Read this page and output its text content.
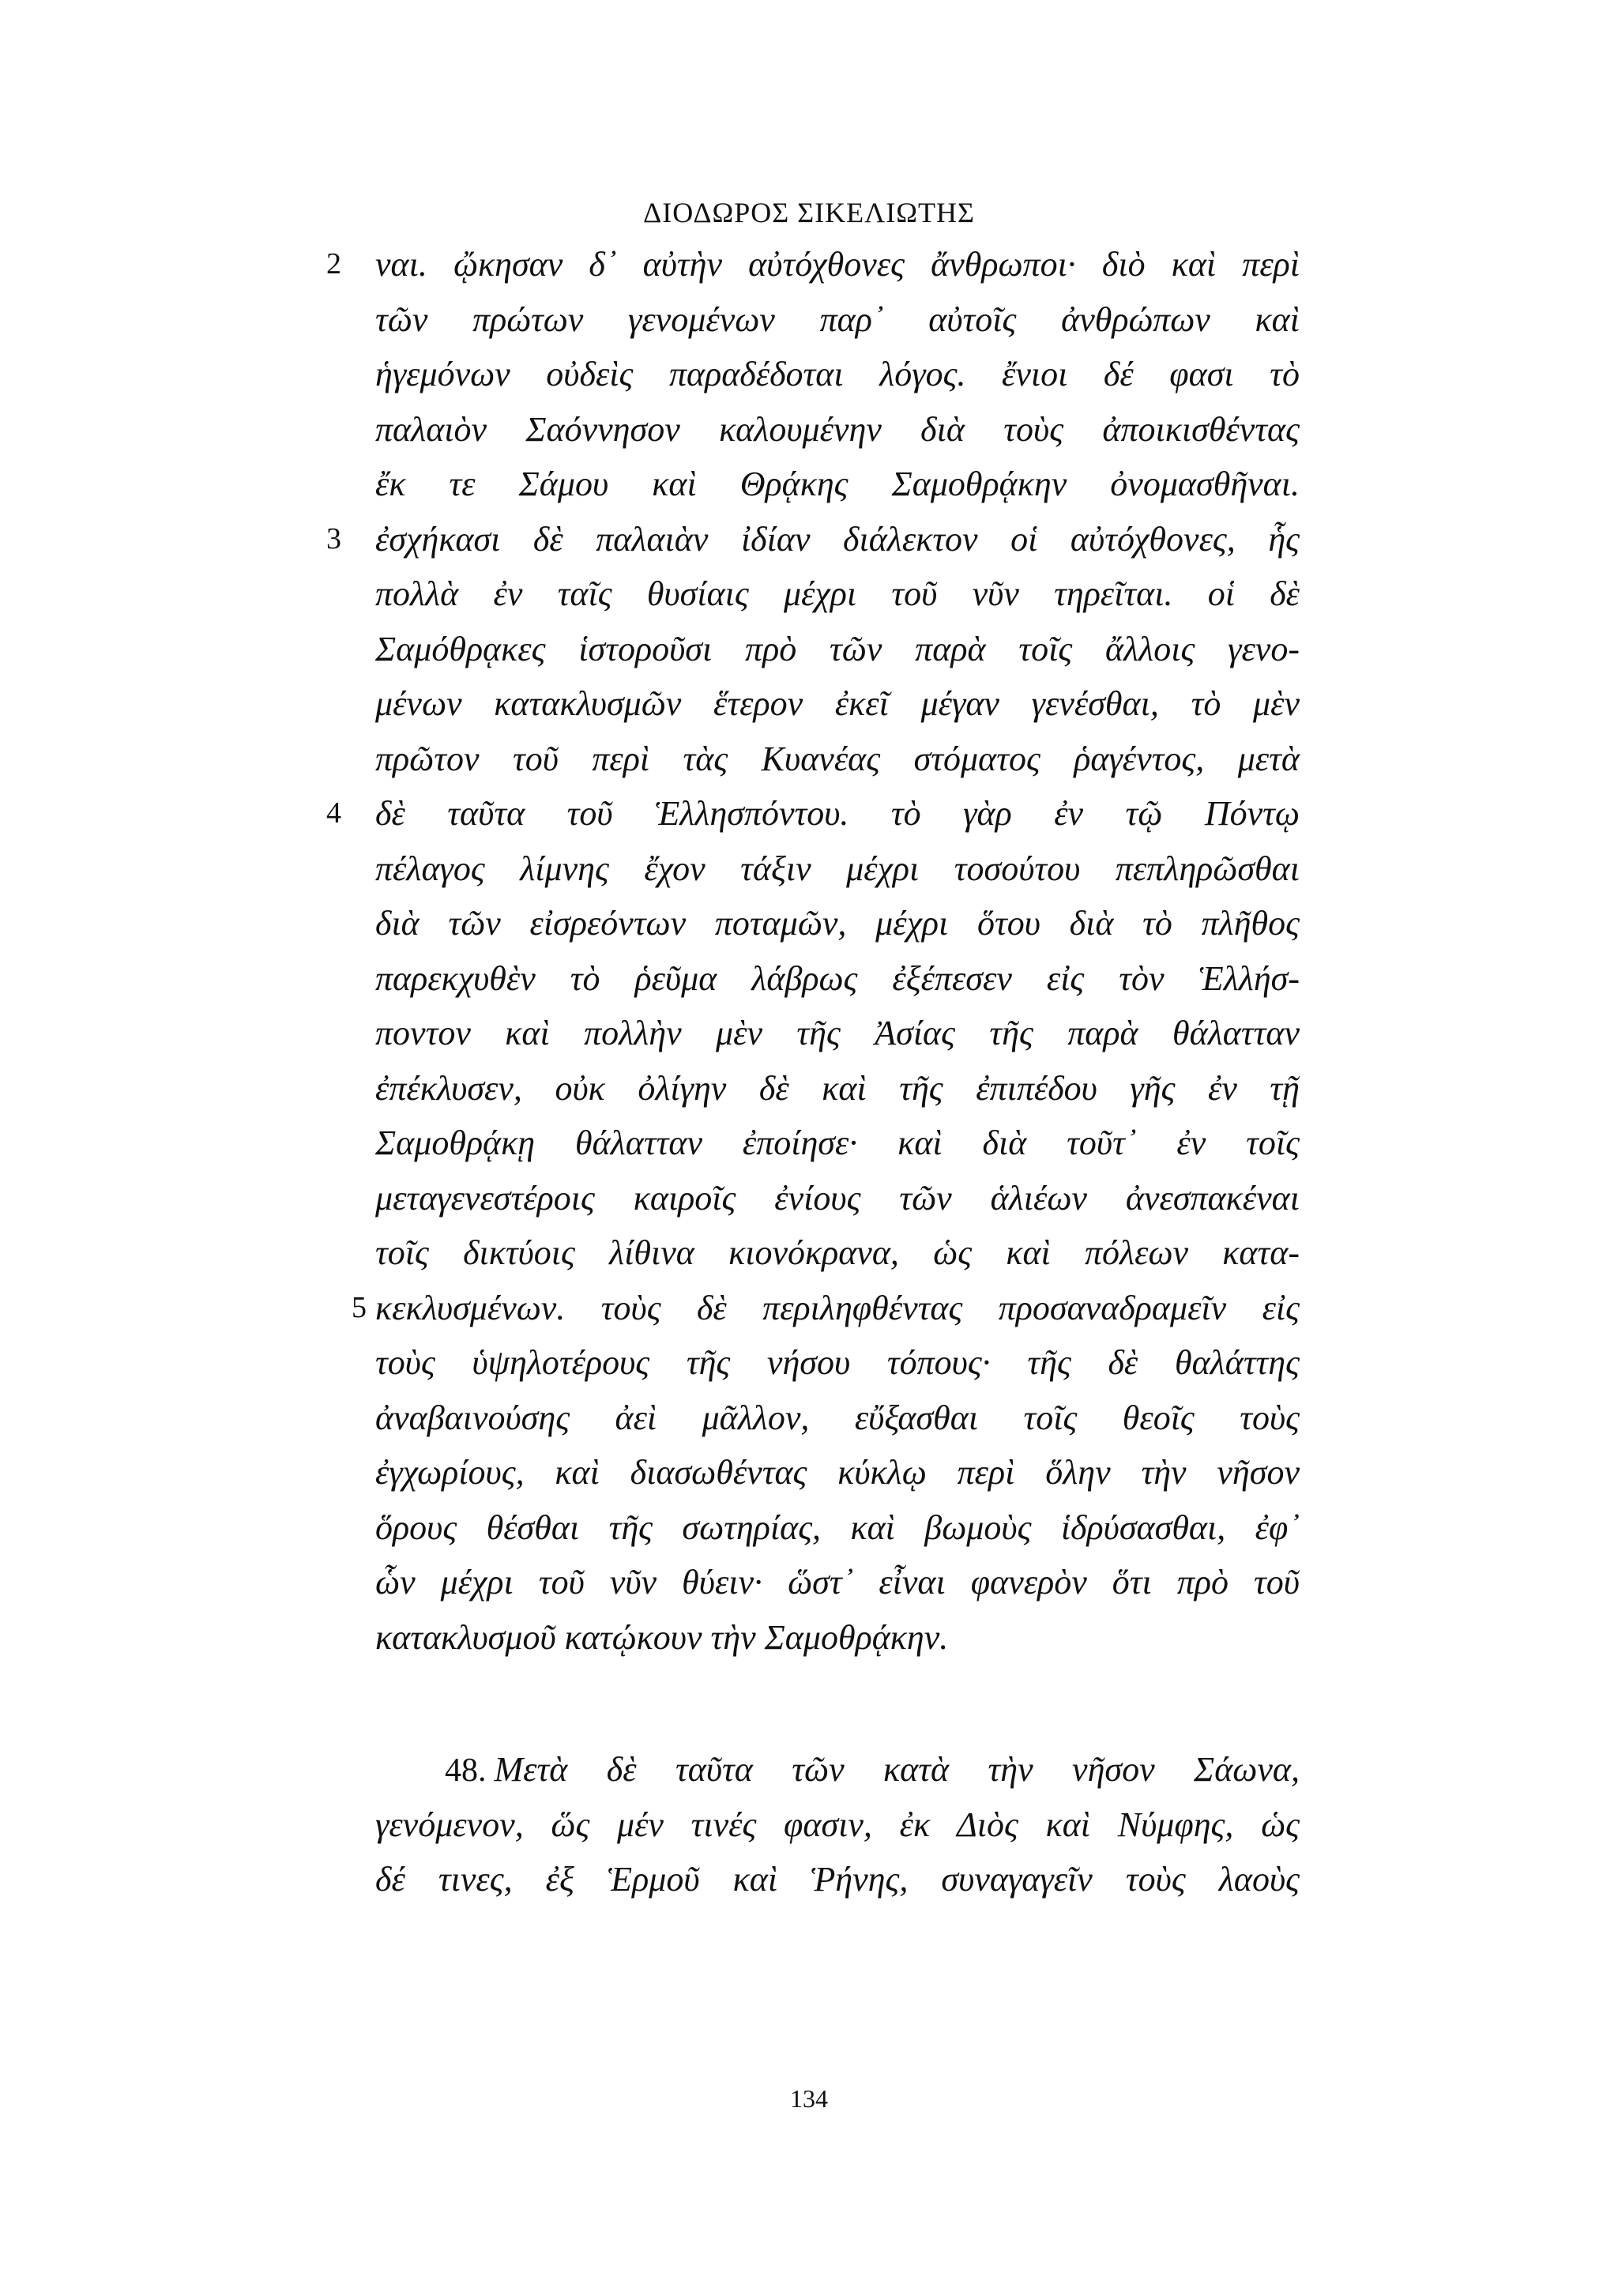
ΔΙΟΔΩΡΟΣ ΣΙΚΕΛΙΩΤΗΣ
2 ναι. ᾤκησαν δ᾽ αὐτὴν αὐτόχθονες ἄνθρωποι· διὸ καὶ περὶ
τῶν πρώτων γενομένων παρ᾽ αὐτοῖς ἀνθρώπων καὶ
ἡγεμόνων οὐδεὶς παραδέδοται λόγος. ἔνιοι δέ φασι τὸ
παλαιὸν Σαόννησον καλουμένην διὰ τοὺς ἀποικισθέντας
ἔκ τε Σάμου καὶ Θρᾴκης Σαμοθρᾴκην ὀνομασθῆναι.
3 ἐσχήκασι δὲ παλαιὰν ἰδίαν διάλεκτον οἱ αὐτόχθονες, ἧς
πολλὰ ἐν ταῖς θυσίαις μέχρι τοῦ νῦν τηρεῖται. οἱ δὲ
Σαμόθρᾳκες ἱστοροῦσι πρὸ τῶν παρὰ τοῖς ἄλλοις γενο-
μένων κατακλυσμῶν ἕτερον ἐκεῖ μέγαν γενέσθαι, τὸ μὲν
πρῶτον τοῦ περὶ τὰς Κυανέας στόματος ῥαγέντος, μετὰ
4 δὲ ταῦτα τοῦ Ἑλλησπόντου. τὸ γὰρ ἐν τῷ Πόντῳ
πέλαγος λίμνης ἔχον τάξιν μέχρι τοσούτου πεπληρῶσθαι
διὰ τῶν εἰσρεόντων ποταμῶν, μέχρι ὅτου διὰ τὸ πλῆθος
παρεκχυθὲν τὸ ῥεῦμα λάβρως ἐξέπεσεν εἰς τὸν Ἑλλήσ-
ποντον καὶ πολλὴν μὲν τῆς Ἀσίας τῆς παρὰ θάλατταν
ἐπέκλυσεν, οὐκ ὀλίγην δὲ καὶ τῆς ἐπιπέδου γῆς ἐν τῇ
Σαμοθρᾴκῃ θάλατταν ἐποίησε· καὶ διὰ τοῦτ᾽ ἐν τοῖς
μεταγενεστέροις καιροῖς ἐνίους τῶν ἁλιέων ἀνεσπακέναι
τοῖς δικτύοις λίθινα κιονόκρανα, ὡς καὶ πόλεων κατα-
5 κεκλυσμένων. τοὺς δὲ περιληφθέντας προσαναδραμεῖν εἰς
τοὺς ὑψηλοτέρους τῆς νήσου τόπους· τῆς δὲ θαλάττης
ἀναβαινούσης ἀεὶ μᾶλλον, εὔξασθαι τοῖς θεοῖς τοὺς
ἐγχωρίους, καὶ διασωθέντας κύκλῳ περὶ ὅλην τὴν νῆσον
ὅρους θέσθαι τῆς σωτηρίας, καὶ βωμοὺς ἱδρύσασθαι, ἐφ᾽
ὧν μέχρι τοῦ νῦν θύειν· ὥστ᾽ εἶναι φανερὸν ὅτι πρὸ τοῦ
κατακλυσμοῦ κατῴκουν τὴν Σαμοθρᾴκην.
48. Μετὰ δὲ ταῦτα τῶν κατὰ τὴν νῆσον Σάωνα,
γενόμενον, ὥς μέν τινές φασιν, ἐκ Διὸς καὶ Νύμφης, ὡς
δέ τινες, ἐξ Ἑρμοῦ καὶ Ῥήνης, συναγαγεῖν τοὺς λαοὺς
134
